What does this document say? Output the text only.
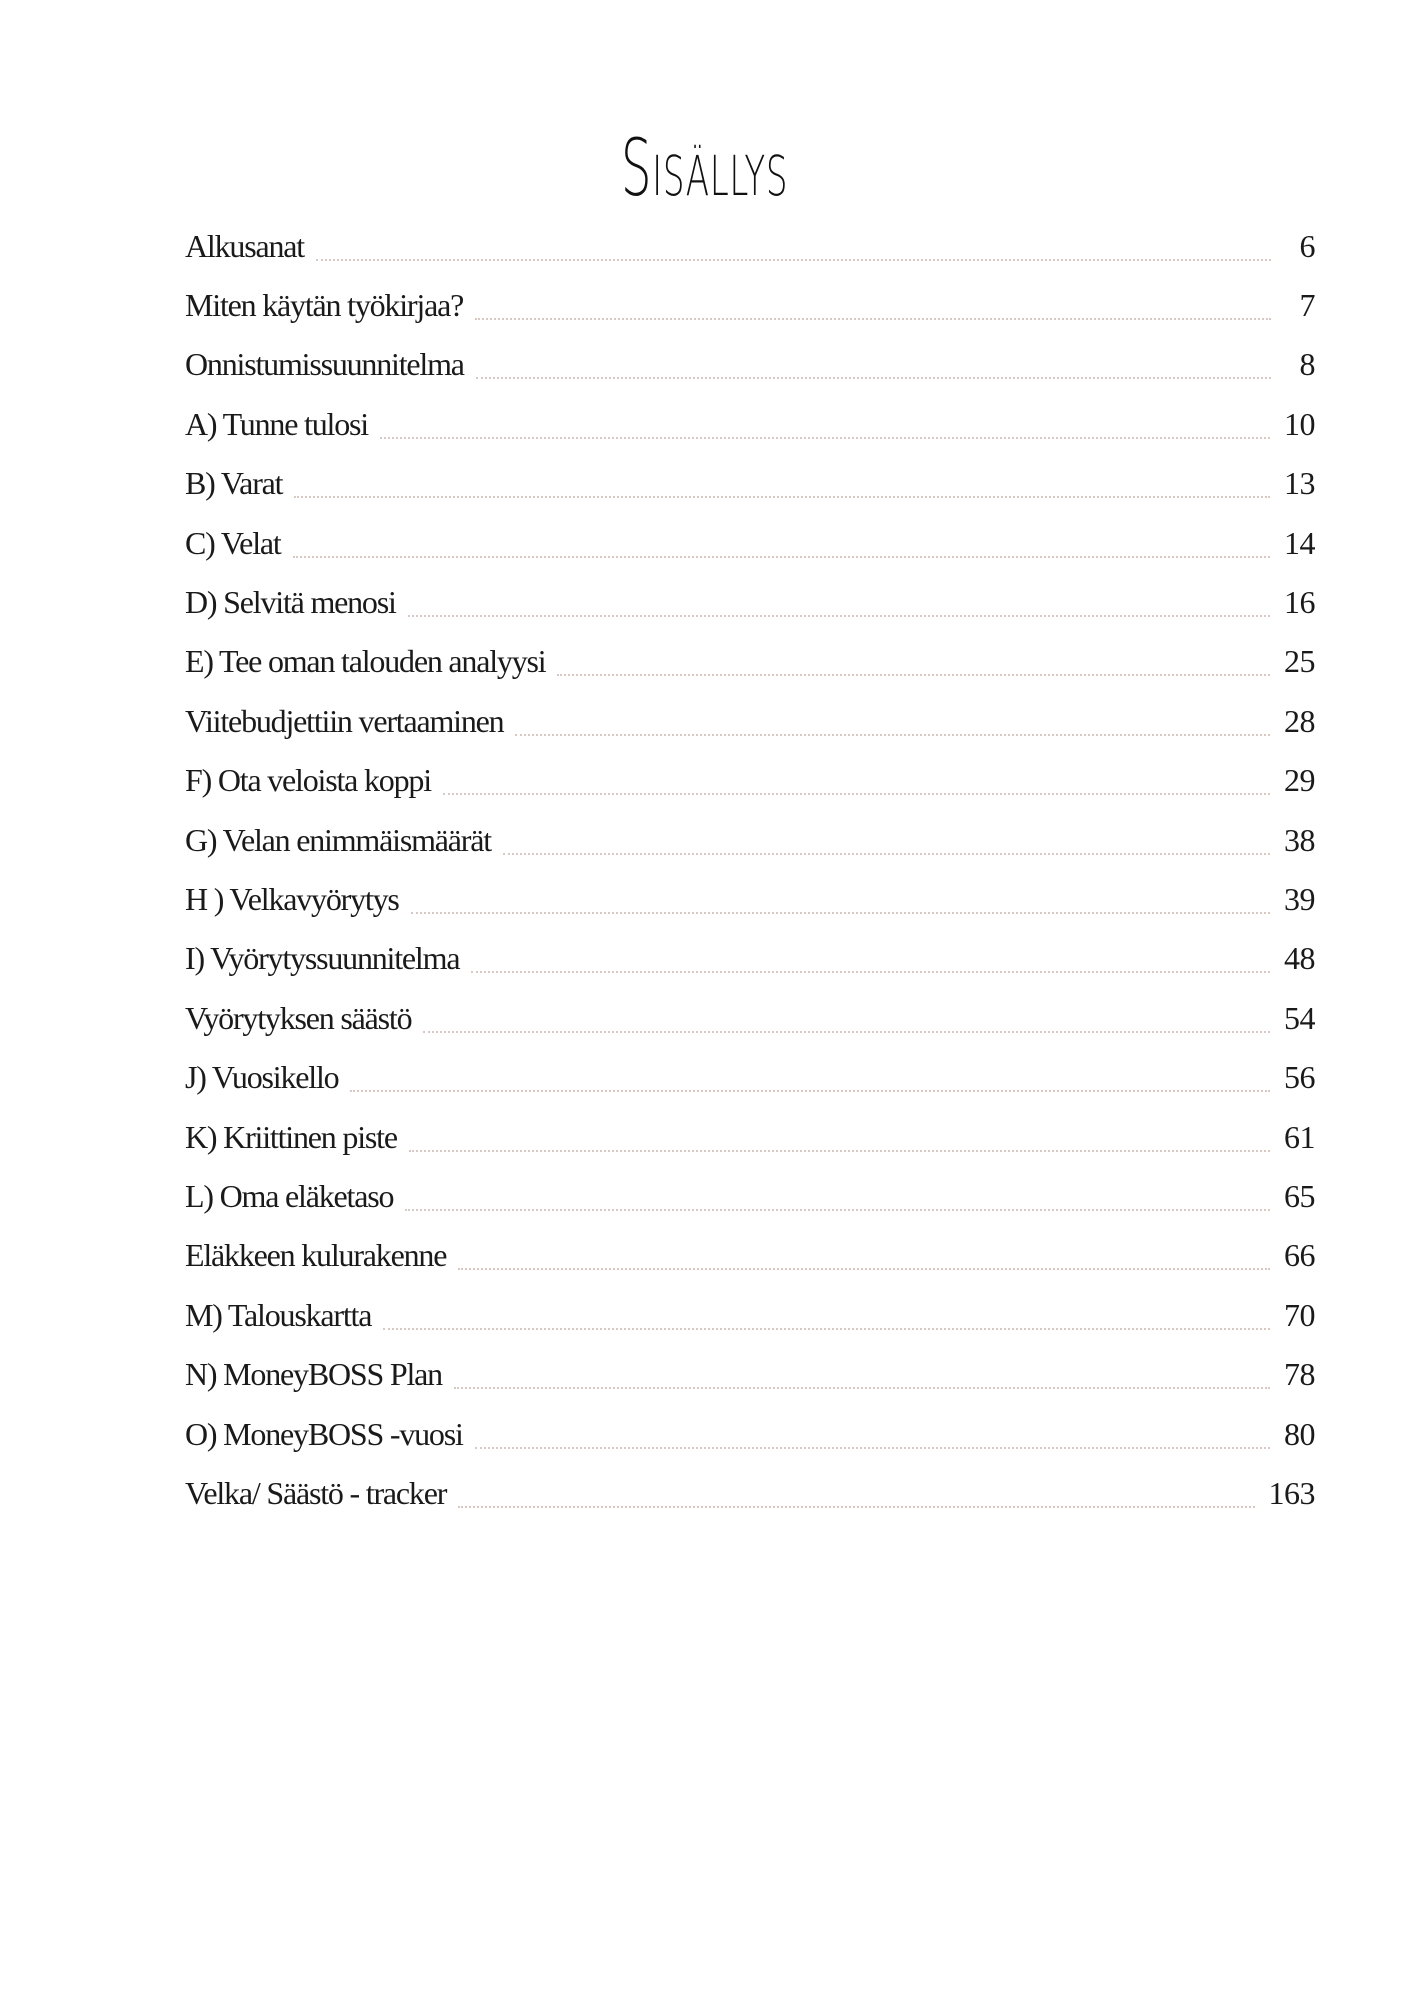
Sisällys
Alkusanat	6
Miten käytän työkirjaa?	7
Onnistumissuunnitelma	8
A) Tunne tulosi	10
B) Varat	13
C) Velat	14
D) Selvitä menosi	16
E) Tee oman talouden analyysi	25
Viitebudjettiin vertaaminen	28
F) Ota veloista koppi	29
G) Velan enimmäismäärät	38
H ) Velkavyörytys	39
I) Vyörytyssuunnitelma	48
Vyörytyksen säästö	54
J) Vuosikello	56
K) Kriittinen piste	61
L) Oma eläketaso	65
Eläkkeen kulurakenne	66
M) Talouskartta	70
N) MoneyBOSS Plan	78
O) MoneyBOSS -vuosi	80
Velka/ Säästö - tracker	163
